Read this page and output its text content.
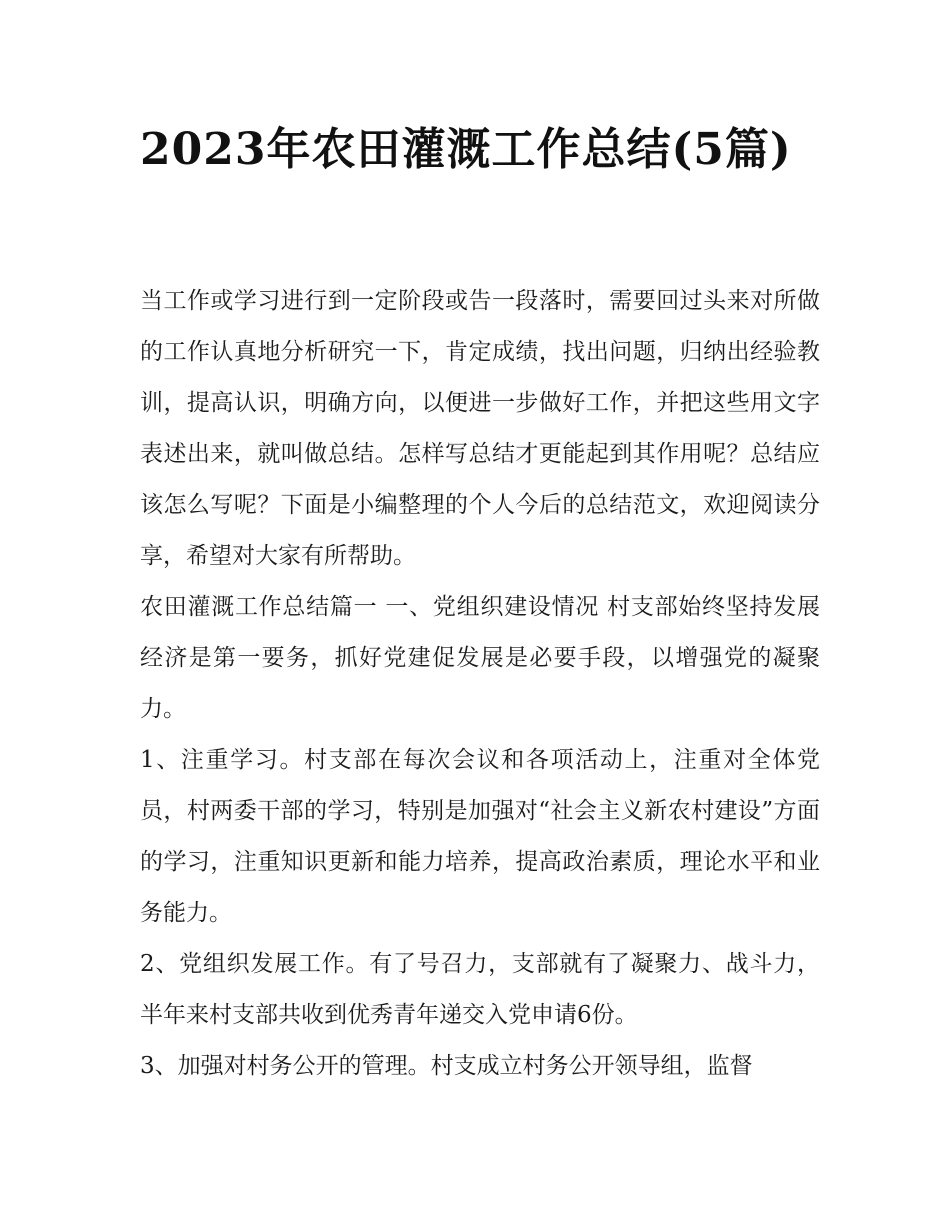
2023年农田灌溉工作总结(5篇)

当工作或学习进行到一定阶段或告一段落时，需要回过头来对所做的工作认真地分析研究一下，肯定成绩，找出问题，归纳出经验教训，提高认识，明确方向，以便进一步做好工作，并把这些用文字表述出来，就叫做总结。怎样写总结才更能起到其作用呢？总结应该怎么写呢？下面是小编整理的个人今后的总结范文，欢迎阅读分享，希望对大家有所帮助。

农田灌溉工作总结篇一 一、党组织建设情况 村支部始终坚持发展经济是第一要务，抓好党建促发展是必要手段，以增强党的凝聚力。

1、注重学习。村支部在每次会议和各项活动上，注重对全体党员，村两委干部的学习，特别是加强对“社会主义新农村建设”方面的学习，注重知识更新和能力培养，提高政治素质，理论水平和业务能力。

2、党组织发展工作。有了号召力，支部就有了凝聚力、战斗力，半年来村支部共收到优秀青年递交入党申请6份。

3、加强对村务公开的管理。村支成立村务公开领导组，监督
